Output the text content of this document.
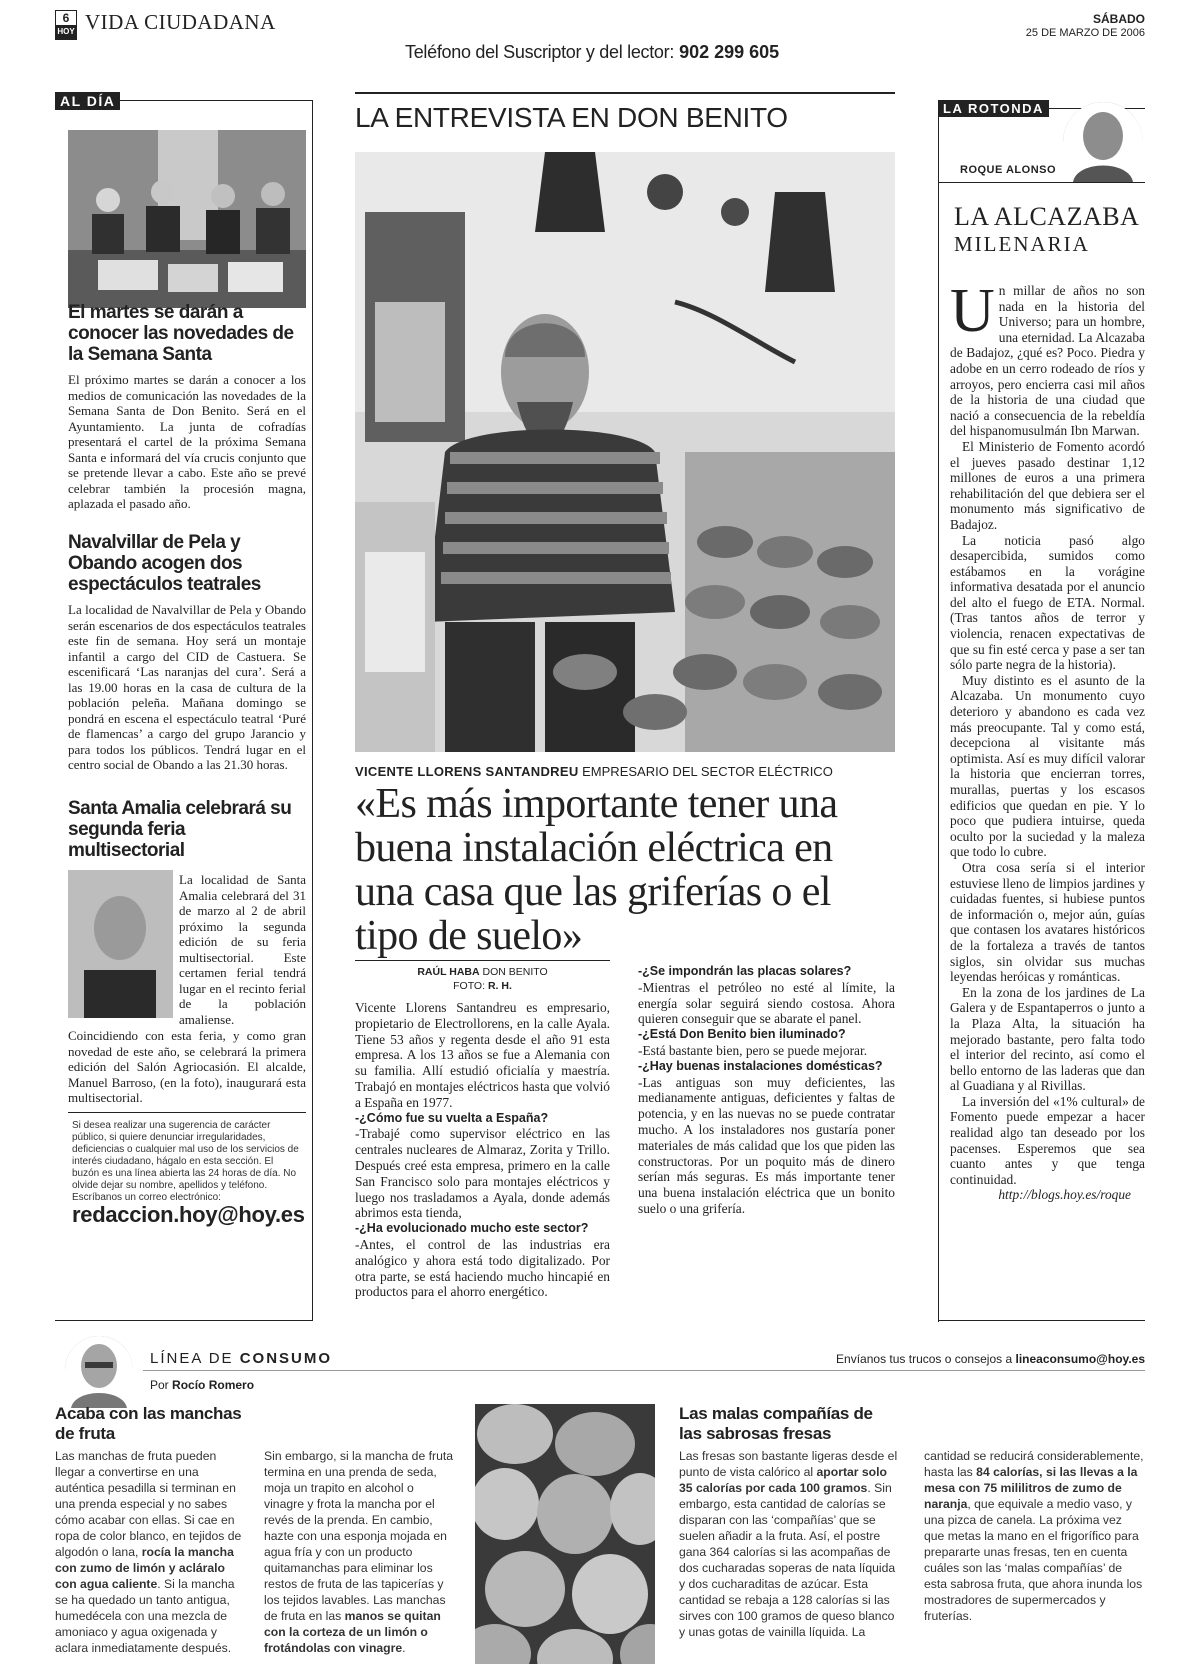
6
HOY VIDA CIUDADANA	SÁBADO
25 DE MARZO DE 2006
Teléfono del Suscriptor y del lector: 902 299 605
AL DÍA
El martes se darán a conocer las novedades de la Semana Santa
El próximo martes se darán a conocer a los medios de comunicación las novedades de la Semana Santa de Don Benito. Será en el Ayuntamiento. La junta de cofradías presentará el cartel de la próxima Semana Santa e informará del vía crucis conjunto que se pretende llevar a cabo. Este año se prevé celebrar también la procesión magna, aplazada el pasado año.
Navalvillar de Pela y Obando acogen dos espectáculos teatrales
La localidad de Navalvillar de Pela y Obando serán escenarios de dos espectáculos teatrales este fin de semana. Hoy será un montaje infantil a cargo del CID de Castuera. Se escenificará ‘Las naranjas del cura’. Será a las 19.00 horas en la casa de cultura de la población peleña. Mañana domingo se pondrá en escena el espectáculo teatral ‘Puré de flamencas’ a cargo del grupo Jarancio y para todos los públicos. Tendrá lugar en el centro social de Obando a las 21.30 horas.
Santa Amalia celebrará su segunda feria multisectorial
La localidad de Santa Amalia celebrará del 31 de marzo al 2 de abril próximo la segunda edición de su feria multisectorial. Este certamen ferial tendrá lugar en el recinto ferial de la población amaliense.
Coincidiendo con esta feria, y como gran novedad de este año, se celebrará la primera edición del Salón Agriocasión. El alcalde, Manuel Barroso, (en la foto), inaugurará esta multisectorial.
Si desea realizar una sugerencia de carácter público, si quiere denunciar irregularidades, deficiencias o cualquier mal uso de los servicios de interés ciudadano, hágalo en esta sección. El buzón es una línea abierta las 24 horas de día. No olvide dejar su nombre, apellidos y teléfono. Escríbanos un correo electrónico:
redaccion.hoy@hoy.es
LA ENTREVISTA EN DON BENITO
VICENTE LLORENS SANTANDREU EMPRESARIO DEL SECTOR ELÉCTRICO
«Es más importante tener una buena instalación eléctrica en una casa que las griferías o el tipo de suelo»
RAÚL HABA DON BENITO
FOTO: R. H.

Vicente Llorens Santandreu es empresario, propietario de Electrollorens, en la calle Ayala. Tiene 53 años y regenta desde el año 91 esta empresa. A los 13 años se fue a Alemania con su familia. Allí estudió oficialía y maestría. Trabajó en montajes eléctricos hasta que volvió a España en 1977.

-¿Cómo fue su vuelta a España?

-Trabajé como supervisor eléctrico en las centrales nucleares de Almaraz, Zorita y Trillo. Después creé esta empresa, primero en la calle San Francisco solo para montajes eléctricos y luego nos trasladamos a Ayala, donde además abrimos esta tienda,

-¿Ha evolucionado mucho este sector?

-Antes, el control de las industrias era analógico y ahora está todo digitalizado. Por otra parte, se está haciendo mucho hincapié en productos para el ahorro energético.

-¿Se impondrán las placas solares?

-Mientras el petróleo no esté al límite, la energía solar seguirá siendo costosa. Ahora quieren conseguir que se abarate el panel.

-¿Está Don Benito bien iluminado?

-Está bastante bien, pero se puede mejorar.

-¿Hay buenas instalaciones domésticas?

-Las antiguas son muy deficientes, las medianamente antiguas, deficientes y faltas de potencia, y en las nuevas no se puede contratar mucho. A los instaladores nos gustaría poner materiales de más calidad que los que piden las constructoras. Por un poquito más de dinero serían más seguras. Es más importante tener una buena instalación eléctrica que un bonito suelo o una grifería.

LA ROTONDA
ROQUE ALONSO
LA ALCAZABA
MILENARIA
U n millar de años no son nada en la historia del Universo; para un hombre, una eternidad. La Alcazaba de Badajoz, ¿qué es? Poco. Piedra y adobe en un cerro rodeado de ríos y arroyos, pero encierra casi mil años de la historia de una ciudad que nació a consecuencia de la rebeldía del hispanomusulmán Ibn Marwan.

El Ministerio de Fomento acordó el jueves pasado destinar 1,12 millones de euros a una primera rehabilitación del que debiera ser el monumento más significativo de Badajoz.

La noticia pasó algo desapercibida, sumidos como estábamos en la vorágine informativa desatada por el anuncio del alto el fuego de ETA. Normal. (Tras tantos años de terror y violencia, renacen expectativas de que su fin esté cerca y pase a ser tan sólo parte negra de la historia).

Muy distinto es el asunto de la Alcazaba. Un monumento cuyo deterioro y abandono es cada vez más preocupante. Tal y como está, decepciona al visitante más optimista. Así es muy difícil valorar la historia que encierran torres, murallas, puertas y los escasos edificios que quedan en pie. Y lo poco que pudiera intuirse, queda oculto por la suciedad y la maleza que todo lo cubre.

Otra cosa sería si el interior estuviese lleno de limpios jardines y cuidadas fuentes, si hubiese puntos de información o, mejor aún, guías que contasen los avatares históricos de la fortaleza a través de tantos siglos, sin olvidar sus muchas leyendas heróicas y románticas.

En la zona de los jardines de La Galera y de Espantaperros o junto a la Plaza Alta, la situación ha mejorado bastante, pero falta todo el interior del recinto, así como el bello entorno de las laderas que dan al Guadiana y al Rivillas.

La inversión del «1% cultural» de Fomento puede empezar a hacer realidad algo tan deseado por los pacenses. Esperemos que sea cuanto antes y que tenga continuidad.

http://blogs.hoy.es/roque

LÍNEA DE CONSUMO	Envíanos tus trucos o consejos a lineaconsumo@hoy.es
Por Rocío Romero
Acaba con las manchas de fruta
Las manchas de fruta pueden llegar a convertirse en una auténtica pesadilla si terminan en una prenda especial y no sabes cómo acabar con ellas. Si cae en ropa de color blanco, en tejidos de algodón o lana, rocía la mancha con zumo de limón y acláralo con agua caliente. Si la mancha se ha quedado un tanto antigua, humedécela con una mezcla de amoniaco y agua oxigenada y aclara inmediatamente después. Sin embargo, si la mancha de fruta termina en una prenda de seda, moja un trapito en alcohol o vinagre y frota la mancha por el revés de la prenda. En cambio, hazte con una esponja mojada en agua fría y con un producto quitamanchas para eliminar los restos de fruta de las tapicerías y los tejidos lavables. Las manchas de fruta en las manos se quitan con la corteza de un limón o frotándolas con vinagre.
Las malas compañías de las sabrosas fresas
Las fresas son bastante ligeras desde el punto de vista calórico al aportar solo 35 calorías por cada 100 gramos. Sin embargo, esta cantidad de calorías se disparan con las ‘compañías’ que se suelen añadir a la fruta. Así, el postre gana 364 calorías si las acompañas de dos cucharadas soperas de nata líquida y dos cucharaditas de azúcar. Esta cantidad se rebaja a 128 calorías si las sirves con 100 gramos de queso blanco y unas gotas de vainilla líquida. La cantidad se reducirá considerablemente, hasta las 84 calorías, si las llevas a la mesa con 75 mililitros de zumo de naranja, que equivale a medio vaso, y una pizca de canela. La próxima vez que metas la mano en el frigorífico para prepararte unas fresas, ten en cuenta cuáles son las ‘malas compañías’ de esta sabrosa fruta, que ahora inunda los mostradores de supermercados y fruterías.
